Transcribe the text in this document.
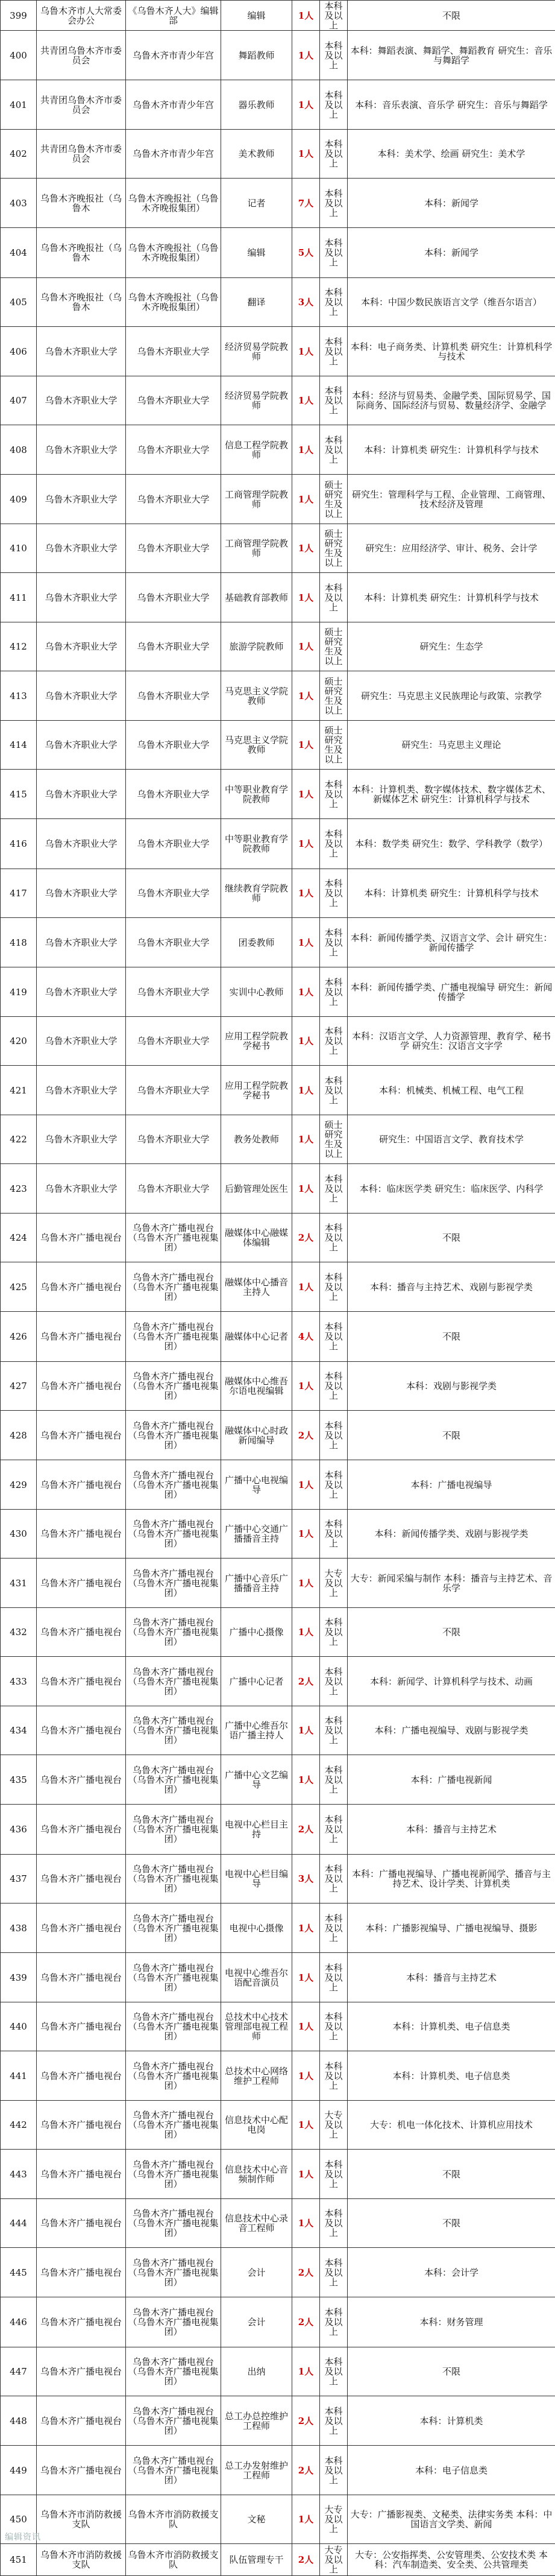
399	乌鲁木齐市人大常委会办公	《乌鲁木齐人大》编辑部	编辑	1人	本科及以上	不限
400	共青团乌鲁木齐市委员会	乌鲁木齐市青少年宫	舞蹈教师	1人	本科及以上	本科：舞蹈表演、舞蹈学、舞蹈教育 研究生：音乐与舞蹈学
401	共青团乌鲁木齐市委员会	乌鲁木齐市青少年宫	器乐教师	1人	本科及以上	本科：音乐表演、音乐学 研究生：音乐与舞蹈学
402	共青团乌鲁木齐市委员会	乌鲁木齐市青少年宫	美术教师	1人	本科及以上	本科：美术学、绘画 研究生：美术学
403	乌鲁木齐晚报社（乌鲁木	乌鲁木齐晚报社（乌鲁木齐晚报集团）	记者	7人	本科及以上	本科：新闻学
404	乌鲁木齐晚报社（乌鲁木	乌鲁木齐晚报社（乌鲁木齐晚报集团）	编辑	5人	本科及以上	本科：新闻学
405	乌鲁木齐晚报社（乌鲁木	乌鲁木齐晚报社（乌鲁木齐晚报集团）	翻译	3人	本科及以上	本科：中国少数民族语言文学（维吾尔语言）
406	乌鲁木齐职业大学	乌鲁木齐职业大学	经济贸易学院教师	1人	本科及以上	本科：电子商务类、计算机类 研究生：计算机科学与技术
407	乌鲁木齐职业大学	乌鲁木齐职业大学	经济贸易学院教师	1人	本科及以上	本科：经济与贸易类、金融学类、国际贸易学、国际商务、国际经济与贸易、数量经济学、金融学
408	乌鲁木齐职业大学	乌鲁木齐职业大学	信息工程学院教师	1人	本科及以上	本科：计算机类 研究生：计算机科学与技术
409	乌鲁木齐职业大学	乌鲁木齐职业大学	工商管理学院教师	1人	硕士研究生及以上	研究生：管理科学与工程、企业管理、工商管理、技术经济及管理
410	乌鲁木齐职业大学	乌鲁木齐职业大学	工商管理学院教师	1人	硕士研究生及以上	研究生：应用经济学、审计、税务、会计学
411	乌鲁木齐职业大学	乌鲁木齐职业大学	基础教育部教师	1人	本科及以上	本科：计算机类 研究生：计算机科学与技术
412	乌鲁木齐职业大学	乌鲁木齐职业大学	旅游学院教师	1人	硕士研究生及以上	研究生：生态学
413	乌鲁木齐职业大学	乌鲁木齐职业大学	马克思主义学院教师	1人	硕士研究生及以上	研究生：马克思主义民族理论与政策、宗教学
414	乌鲁木齐职业大学	乌鲁木齐职业大学	马克思主义学院教师	1人	硕士研究生及以上	研究生：马克思主义理论
415	乌鲁木齐职业大学	乌鲁木齐职业大学	中等职业教育学院教师	1人	本科及以上	本科：计算机类、数字媒体技术、数字媒体艺术、新媒体艺术 研究生：计算机科学与技术
416	乌鲁木齐职业大学	乌鲁木齐职业大学	中等职业教育学院教师	1人	本科及以上	本科：数学类 研究生：数学、学科教学（数学）
417	乌鲁木齐职业大学	乌鲁木齐职业大学	继续教育学院教师	1人	本科及以上	本科：计算机类 研究生：计算机科学与技术
418	乌鲁木齐职业大学	乌鲁木齐职业大学	团委教师	1人	本科及以上	本科：新闻传播学类、汉语言文学、会计 研究生：新闻传播学
419	乌鲁木齐职业大学	乌鲁木齐职业大学	实训中心教师	1人	本科及以上	本科：新闻传播学类、广播电视编导 研究生：新闻传播学
420	乌鲁木齐职业大学	乌鲁木齐职业大学	应用工程学院教学秘书	1人	本科及以上	本科：汉语言文学、人力资源管理、教育学、秘书学 研究生：汉语言文字学
421	乌鲁木齐职业大学	乌鲁木齐职业大学	应用工程学院教学秘书	1人	本科及以上	本科：机械类、机械工程、电气工程
422	乌鲁木齐职业大学	乌鲁木齐职业大学	教务处教师	1人	硕士研究生及以上	研究生：中国语言文学、教育技术学
423	乌鲁木齐职业大学	乌鲁木齐职业大学	后勤管理处医生	1人	本科及以上	本科：临床医学类 研究生：临床医学、内科学
424	乌鲁木齐广播电视台	乌鲁木齐广播电视台（乌鲁木齐广播电视集团）	融媒体中心融媒体编辑	2人	本科及以上	不限
425	乌鲁木齐广播电视台	乌鲁木齐广播电视台（乌鲁木齐广播电视集团）	融媒体中心播音主持人	1人	本科及以上	本科：播音与主持艺术、戏剧与影视学类
426	乌鲁木齐广播电视台	乌鲁木齐广播电视台（乌鲁木齐广播电视集团）	融媒体中心记者	4人	本科及以上	不限
427	乌鲁木齐广播电视台	乌鲁木齐广播电视台（乌鲁木齐广播电视集团）	融媒体中心维吾尔语电视编辑	1人	本科及以上	本科：戏剧与影视学类
428	乌鲁木齐广播电视台	乌鲁木齐广播电视台（乌鲁木齐广播电视集团）	融媒体中心时政新闻编导	2人	本科及以上	不限
429	乌鲁木齐广播电视台	乌鲁木齐广播电视台（乌鲁木齐广播电视集团）	广播中心电视编导	1人	本科及以上	本科：广播电视编导
430	乌鲁木齐广播电视台	乌鲁木齐广播电视台（乌鲁木齐广播电视集团）	广播中心交通广播播音主持	1人	本科及以上	本科：新闻传播学类、戏剧与影视学类
431	乌鲁木齐广播电视台	乌鲁木齐广播电视台（乌鲁木齐广播电视集团）	广播中心音乐广播播音主持	1人	大专及以上	大专：新闻采编与制作 本科：播音与主持艺术、音乐学
432	乌鲁木齐广播电视台	乌鲁木齐广播电视台（乌鲁木齐广播电视集团）	广播中心摄像	1人	本科及以上	不限
433	乌鲁木齐广播电视台	乌鲁木齐广播电视台（乌鲁木齐广播电视集团）	广播中心记者	2人	本科及以上	本科：新闻学、计算机科学与技术、动画
434	乌鲁木齐广播电视台	乌鲁木齐广播电视台（乌鲁木齐广播电视集团）	广播中心维吾尔语广播主持人	1人	本科及以上	本科：广播电视编导、戏剧与影视学类
435	乌鲁木齐广播电视台	乌鲁木齐广播电视台（乌鲁木齐广播电视集团）	广播中心文艺编导	1人	本科及以上	本科：广播电视新闻
436	乌鲁木齐广播电视台	乌鲁木齐广播电视台（乌鲁木齐广播电视集团）	电视中心栏目主持	2人	本科及以上	本科：播音与主持艺术
437	乌鲁木齐广播电视台	乌鲁木齐广播电视台（乌鲁木齐广播电视集团）	电视中心栏目编导	3人	本科及以上	本科：广播电视编导、广播电视新闻学、播音与主持艺术、设计学类、计算机类
438	乌鲁木齐广播电视台	乌鲁木齐广播电视台（乌鲁木齐广播电视集团）	电视中心摄像	1人	本科及以上	本科：广播影视编导、广播电视编导、摄影
439	乌鲁木齐广播电视台	乌鲁木齐广播电视台（乌鲁木齐广播电视集团）	电视中心维吾尔语配音演员	1人	本科及以上	本科：播音与主持艺术
440	乌鲁木齐广播电视台	乌鲁木齐广播电视台（乌鲁木齐广播电视集团）	总技术中心技术管理部电视工程师	1人	本科及以上	本科：计算机类、电子信息类
441	乌鲁木齐广播电视台	乌鲁木齐广播电视台（乌鲁木齐广播电视集团）	总技术中心网络维护工程师	1人	本科及以上	本科：计算机类、电子信息类
442	乌鲁木齐广播电视台	乌鲁木齐广播电视台（乌鲁木齐广播电视集团）	信息技术中心配电岗	1人	大专及以上	大专：机电一体化技术、计算机应用技术
443	乌鲁木齐广播电视台	乌鲁木齐广播电视台（乌鲁木齐广播电视集团）	信息技术中心音频制作师	1人	本科及以上	不限
444	乌鲁木齐广播电视台	乌鲁木齐广播电视台（乌鲁木齐广播电视集团）	信息技术中心录音工程师	1人	本科及以上	不限
445	乌鲁木齐广播电视台	乌鲁木齐广播电视台（乌鲁木齐广播电视集团）	会计	2人	本科及以上	本科：会计学
446	乌鲁木齐广播电视台	乌鲁木齐广播电视台（乌鲁木齐广播电视集团）	会计	2人	本科及以上	本科：财务管理
447	乌鲁木齐广播电视台	乌鲁木齐广播电视台（乌鲁木齐广播电视集团）	出纳	1人	本科及以上	不限
448	乌鲁木齐广播电视台	乌鲁木齐广播电视台（乌鲁木齐广播电视集团）	总工办总控维护工程师	2人	本科及以上	本科：计算机类
449	乌鲁木齐广播电视台	乌鲁木齐广播电视台（乌鲁木齐广播电视集团）	总工办发射维护工程师	2人	本科及以上	本科：电子信息类
450	乌鲁木齐市消防救援支队	乌鲁木齐市消防救援支队	文秘	1人	大专及以上	大专：广播影视类、文秘类、法律实务类 本科：中国语言文学类、新闻
451	乌鲁木齐市消防救援支队	乌鲁木齐市消防救援支队	队伍管理专干	2人	大专及以上	大专：公安指挥类、公安管理类、公安技术类 本科：汽车制造类、安全类、公共管理类
编辑资讯
